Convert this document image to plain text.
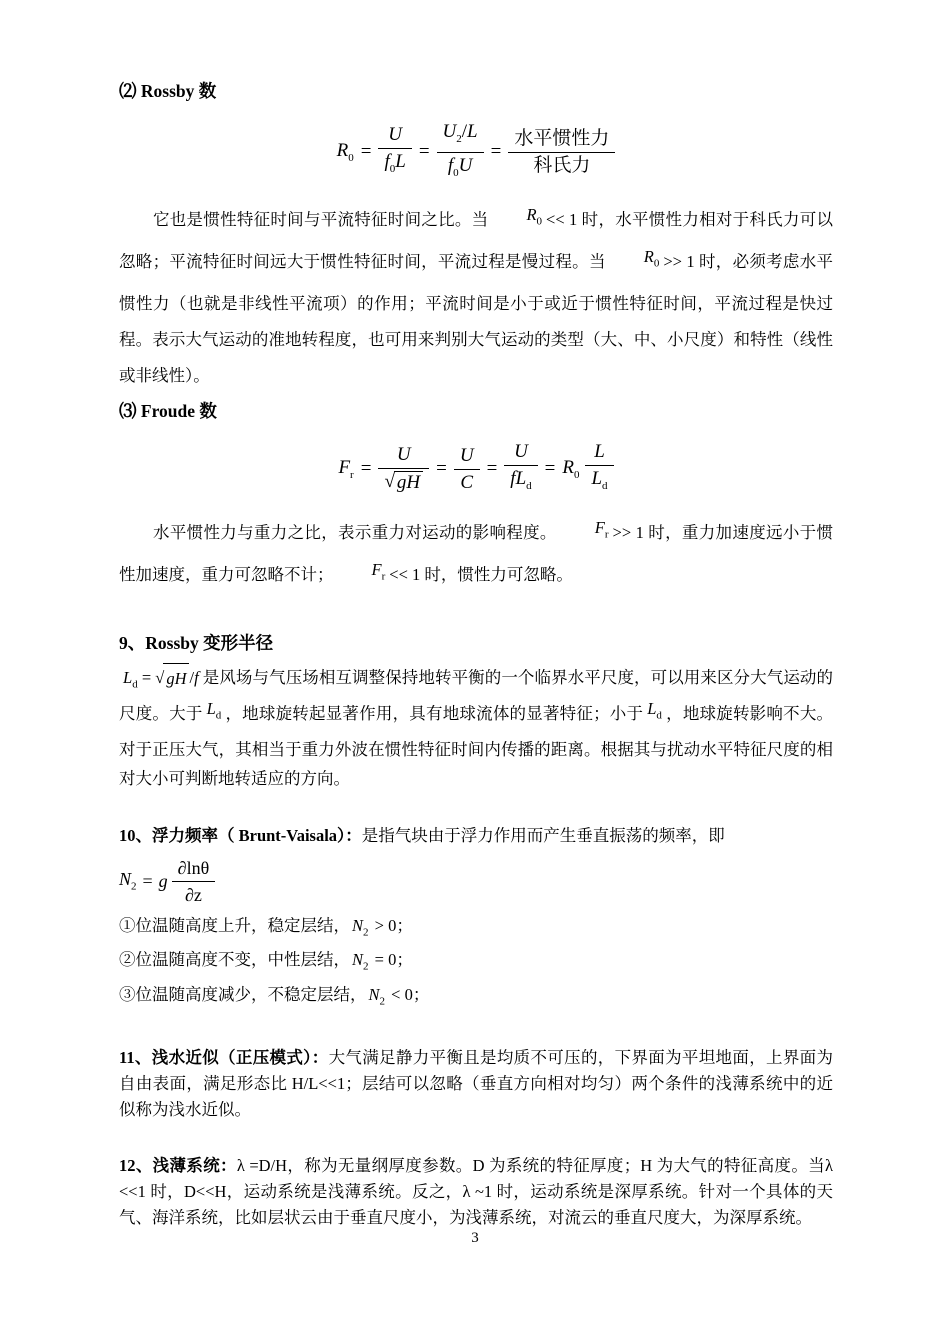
⑵ Rossby 数

$R_0 = \frac{U}{f_0L} = \frac{U_2/L}{f_0U} = \frac{\text{水平惯性力}}{\text{科氏力}}$

它也是惯性特征时间与平流特征时间之比。当 $R_0 << 1$ 时，水平惯性力相对于科氏力可以忽略；平流特征时间远大于惯性特征时间，平流过程是慢过程。当 $R_0 >> 1$ 时，必须考虑水平惯性力（也就是非线性平流项）的作用；平流时间是小于或近于惯性特征时间，平流过程是快过程。表示大气运动的准地转程度，也可用来判别大气运动的类型（大、中、小尺度）和特性（线性或非线性）。

⑶ Froude 数

$F_r = \frac{U}{√ gH} = \frac{U}{C} = \frac{U}{fL_d} = R_0 \frac{L}{L_d}$

水平惯性力与重力之比，表示重力对运动的影响程度。 $F_r >> 1$ 时，重力加速度远小于惯性加速度，重力可忽略不计； $F_r << 1$ 时，惯性力可忽略。

9、Rossby 变形半径

$L_d$ = √ gH /f 是风场与气压场相互调整保持地转平衡的一个临界水平尺度，可以用来区分大气运动的尺度。大于 $L_d$ ，地球旋转起显著作用，具有地球流体的显著特征；小于 $L_d$ ，地球旋转影响不大。对于正压大气，其相当于重力外波在惯性特征时间内传播的距离。根据其与扰动水平特征尺度的相对大小可判断地转适应的方向。

10、浮力频率（ Brunt-Vaisala）：是指气块由于浮力作用而产生垂直振荡的频率，即

$N_2 = g \frac{\partial\ln\theta}{\partial z}$

①位温随高度上升，稳定层结， $N_2 > 0$；

②位温随高度不变，中性层结， $N_2 = 0$；

③位温随高度减少，不稳定层结， $N_2 < 0$；

11、浅水近似（正压模式）：大气满足静力平衡且是均质不可压的，下界面为平坦地面，上界面为自由表面，满足形态比 H/L<<1；层结可以忽略（垂直方向相对均匀）两个条件的浅薄系统中的近似称为浅水近似。

12、浅薄系统：λ =D/H，称为无量纲厚度参数。D 为系统的特征厚度；H 为大气的特征高度。当λ <<1 时，D<<H，运动系统是浅薄系统。反之，λ ~1 时，运动系统是深厚系统。针对一个具体的天气、海洋系统，比如层状云由于垂直尺度小，为浅薄系统，对流云的垂直尺度大，为深厚系统。

3
